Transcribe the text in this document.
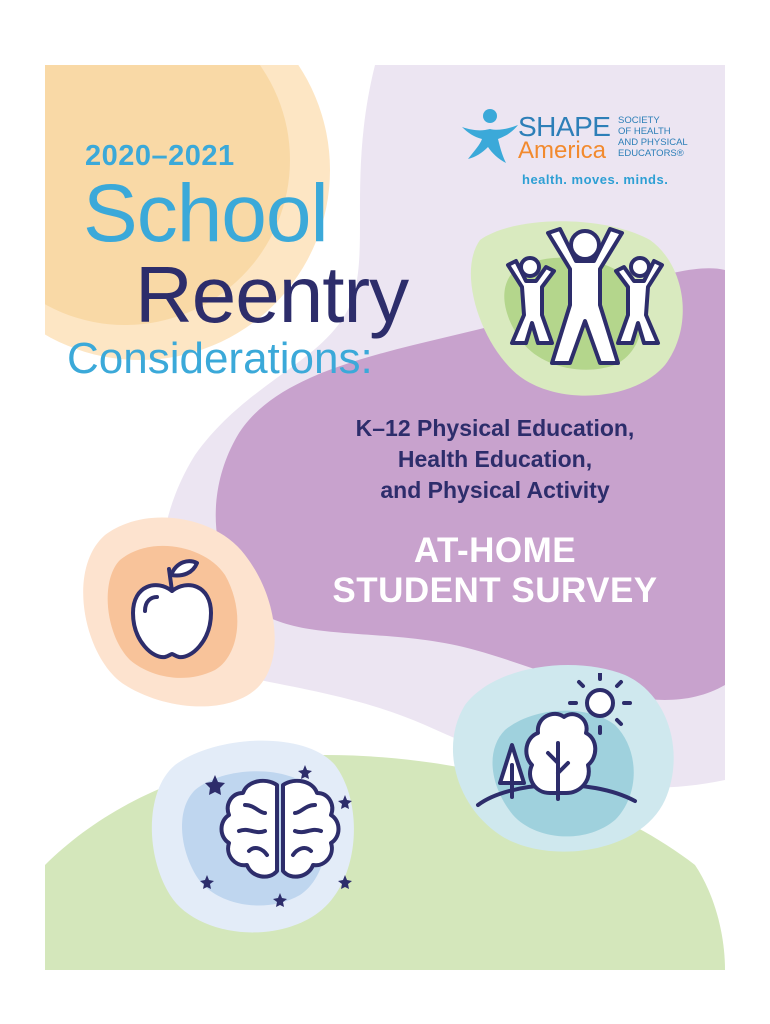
2020–2021
School
Reentry
Considerations:
K–12 Physical Education,
Health Education,
and Physical Activity
AT-HOME
STUDENT SURVEY
SHAPE
America
SOCIETY
OF HEALTH
AND PHYSICAL
EDUCATORS®
health. moves. minds.
